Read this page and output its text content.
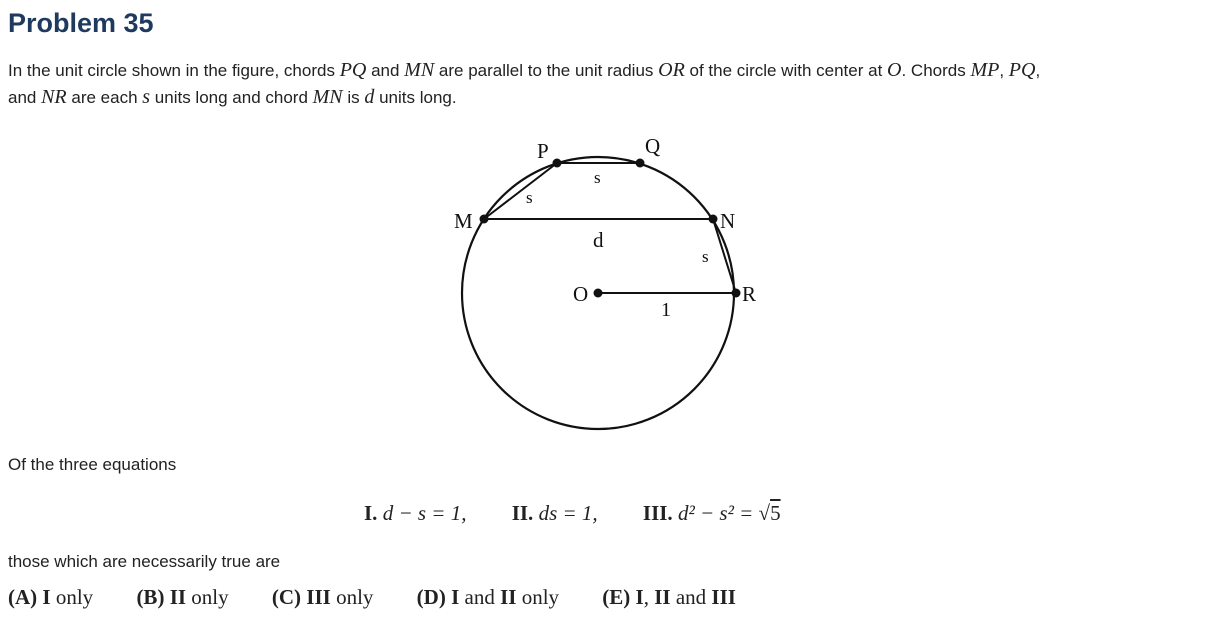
Problem 35
In the unit circle shown in the figure, chords PQ and MN are parallel to the unit radius OR of the circle with center at O. Chords MP, PQ,
and NR are each s units long and chord MN is d units long.
P	Q
M	N
O	R
s
s
s
d
1
Of the three equations
I. d − s = 1, II. ds = 1, III. d² − s² = √5
those which are necessarily true are
(A) I only (B) II only (C) III only (D) I and II only (E) I, II and III
